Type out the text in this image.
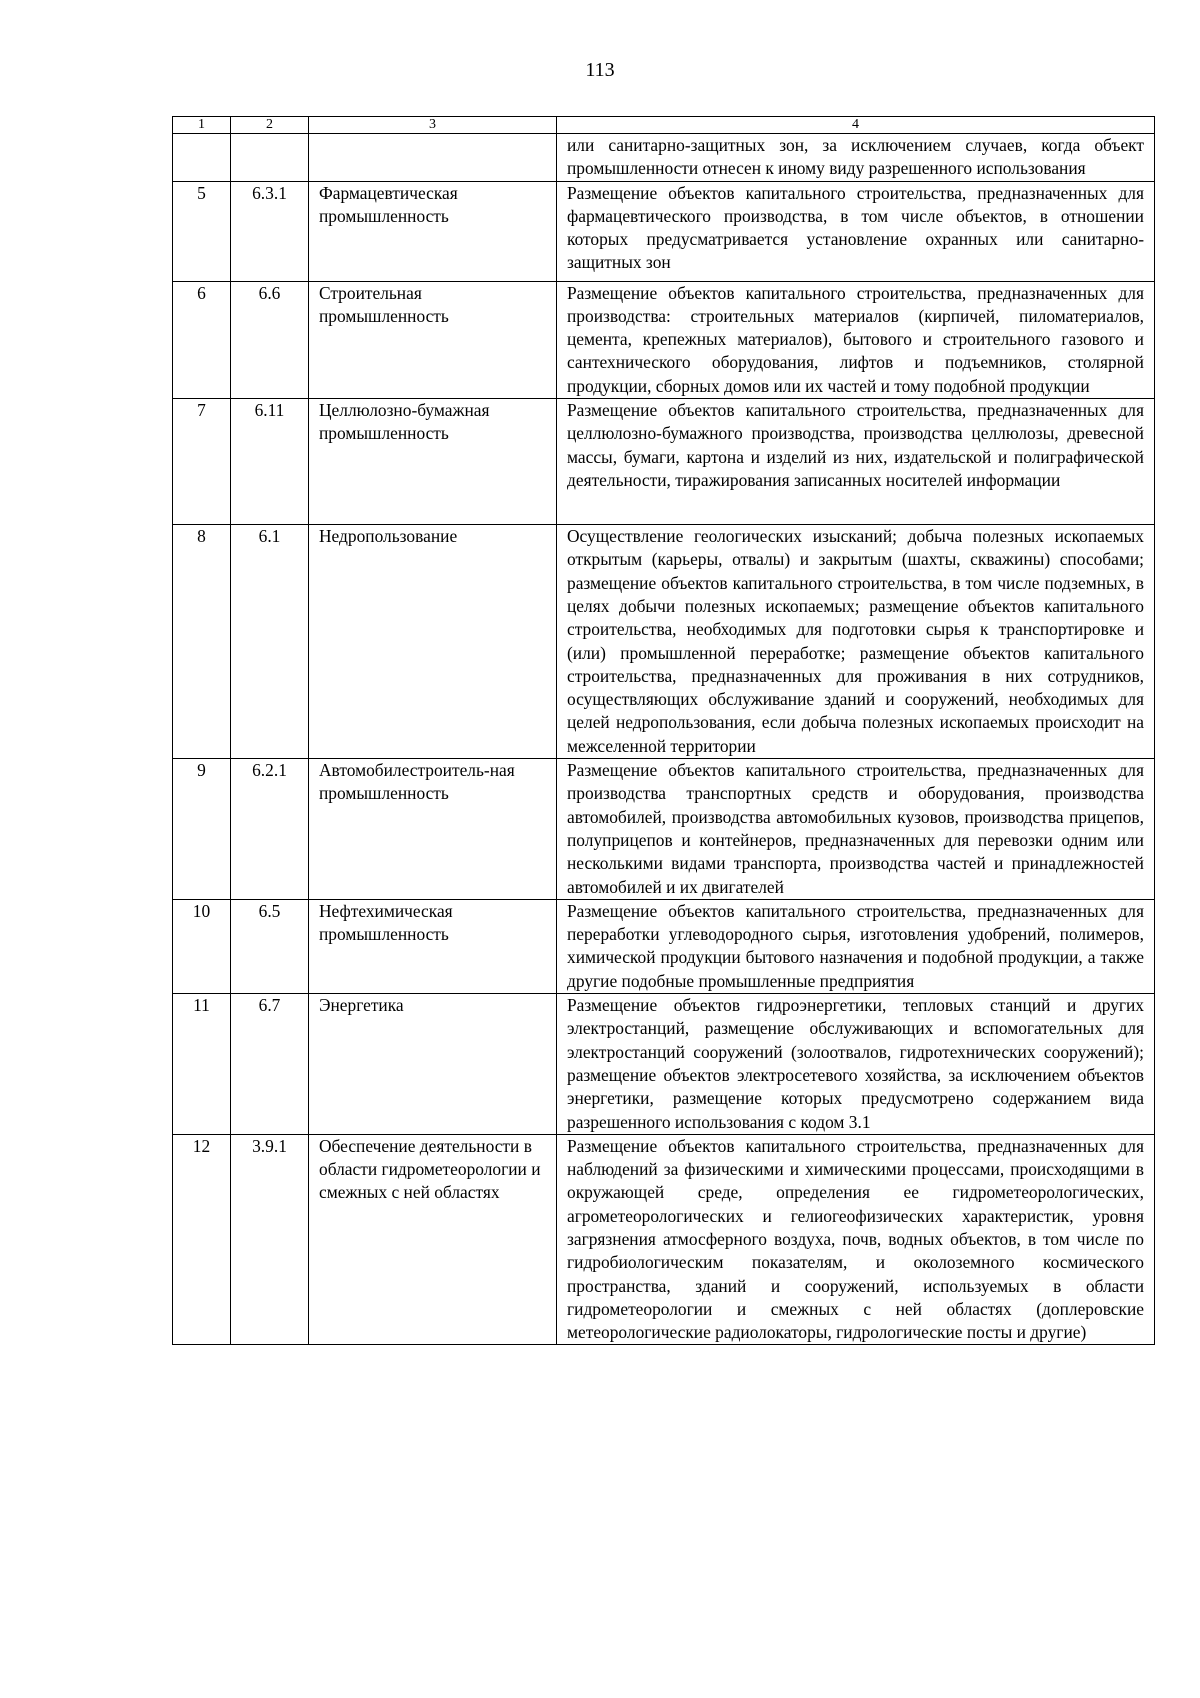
113
1	2	3	4
			или санитарно-защитных зон, за исключением случаев, когда объект промышленности отнесен к иному виду разрешенного использования
5	6.3.1	Фармацевтическая промышленность	Размещение объектов капитального строительства, предназначенных для фармацевтического производства, в том числе объектов, в отношении которых предусматривается установление охранных или санитарно-защитных зон
6	6.6	Строительная промышленность	Размещение объектов капитального строительства, предназначенных для производства: строительных материалов (кирпичей, пиломатериалов, цемента, крепежных материалов), бытового и строительного газового и сантехнического оборудования, лифтов и подъемников, столярной продукции, сборных домов или их частей и тому подобной продукции
7	6.11	Целлюлозно-бумажная промышленность	Размещение объектов капитального строительства, предназначенных для целлюлозно-бумажного производства, производства целлюлозы, древесной массы, бумаги, картона и изделий из них, издательской и полиграфической деятельности, тиражирования записанных носителей информации
8	6.1	Недропользование	Осуществление геологических изысканий; добыча полезных ископаемых открытым (карьеры, отвалы) и закрытым (шахты, скважины) способами; размещение объектов капитального строительства, в том числе подземных, в целях добычи полезных ископаемых; размещение объектов капитального строительства, необходимых для подготовки сырья к транспортировке и (или) промышленной переработке; размещение объектов капитального строительства, предназначенных для проживания в них сотрудников, осуществляющих обслуживание зданий и сооружений, необходимых для целей недропользования, если добыча полезных ископаемых происходит на межселенной территории
9	6.2.1	Автомобилестроитель-ная промышленность	Размещение объектов капитального строительства, предназначенных для производства транспортных средств и оборудования, производства автомобилей, производства автомобильных кузовов, производства прицепов, полуприцепов и контейнеров, предназначенных для перевозки одним или несколькими видами транспорта, производства частей и принадлежностей автомобилей и их двигателей
10	6.5	Нефтехимическая промышленность	Размещение объектов капитального строительства, предназначенных для переработки углеводородного сырья, изготовления удобрений, полимеров, химической продукции бытового назначения и подобной продукции, а также другие подобные промышленные предприятия
11	6.7	Энергетика	Размещение объектов гидроэнергетики, тепловых станций и других электростанций, размещение обслуживающих и вспомогательных для электростанций сооружений (золоотвалов, гидротехнических сооружений); размещение объектов электросетевого хозяйства, за исключением объектов энергетики, размещение которых предусмотрено содержанием вида разрешенного использования с кодом 3.1
12	3.9.1	Обеспечение деятельности в области гидрометеорологии и смежных с ней областях	Размещение объектов капитального строительства, предназначенных для наблюдений за физическими и химическими процессами, происходящими в окружающей среде, определения ее гидрометеорологических, агрометеорологических и гелиогеофизических характеристик, уровня загрязнения атмосферного воздуха, почв, водных объектов, в том числе по гидробиологическим показателям, и околоземного космического пространства, зданий и сооружений, используемых в области гидрометеорологии и смежных с ней областях (доплеровские метеорологические радиолокаторы, гидрологические посты и другие)
